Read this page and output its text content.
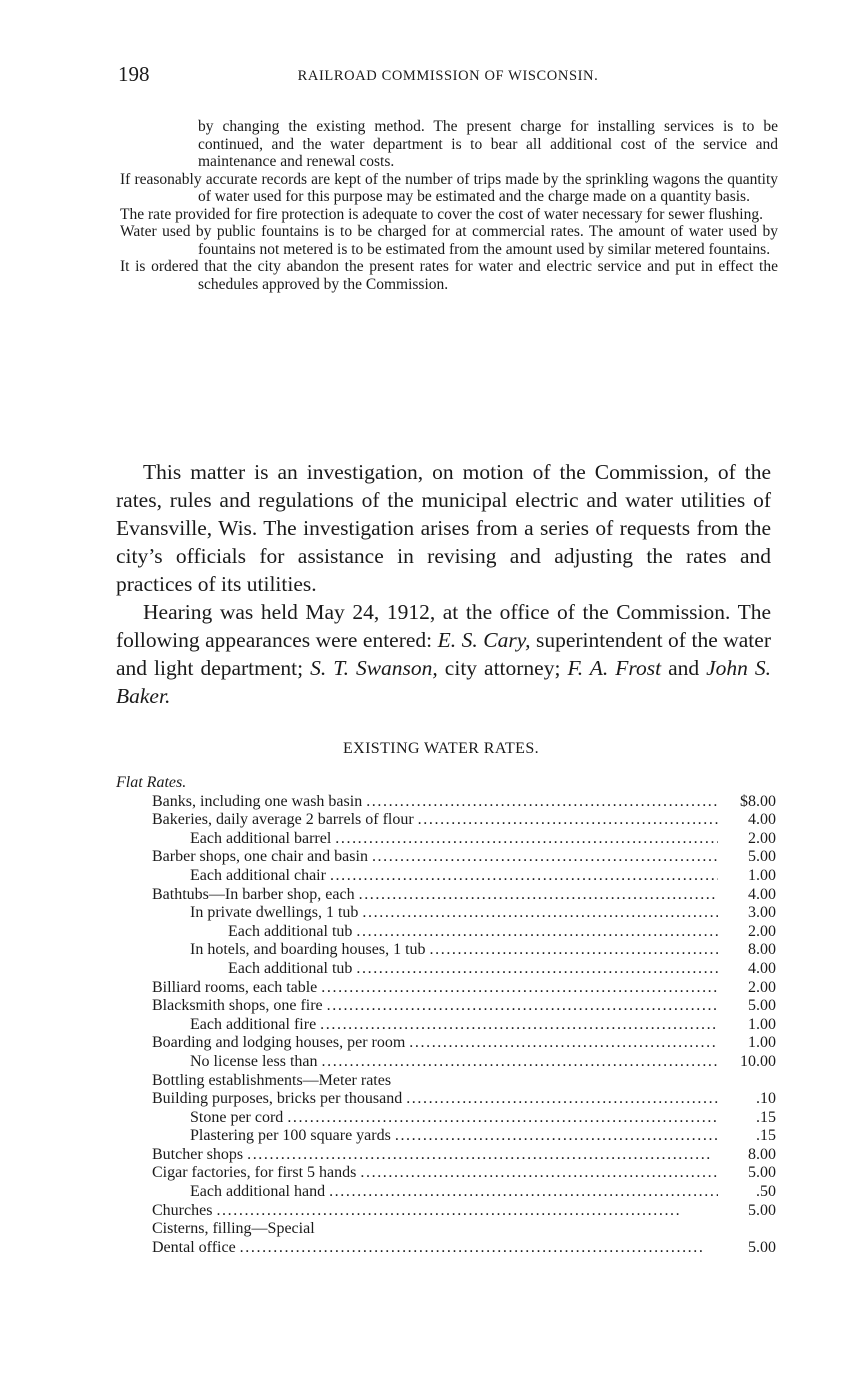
198	RAILROAD COMMISSION OF WISCONSIN.

by changing the existing method. The present charge for installing services is to be continued, and the water department is to bear all additional cost of the service and maintenance and renewal costs.

If reasonably accurate records are kept of the number of trips made by the sprinkling wagons the quantity of water used for this purpose may be estimated and the charge made on a quantity basis.

The rate provided for fire protection is adequate to cover the cost of water necessary for sewer flushing.

Water used by public fountains is to be charged for at commercial rates. The amount of water used by fountains not metered is to be estimated from the amount used by similar metered fountains.

It is ordered that the city abandon the present rates for water and electric service and put in effect the schedules approved by the Commission.

This matter is an investigation, on motion of the Commission, of the rates, rules and regulations of the municipal electric and water utilities of Evansville, Wis. The investigation arises from a series of requests from the city’s officials for assistance in revising and adjusting the rates and practices of its utilities.

Hearing was held May 24, 1912, at the office of the Commission. The following appearances were entered: E. S. Cary, superintendent of the water and light department; S. T. Swanson, city attorney; F. A. Frost and John S. Baker.

EXISTING WATER RATES.
Flat Rates.
Banks, including one wash basin . . .	$8.00
Bakeries, daily average 2 barrels of flour . . .	4.00
Each additional barrel . . .	2.00
Barber shops, one chair and basin . . .	5.00
Each additional chair . . .	1.00
Bathtubs—In barber shop, each . . .	4.00
In private dwellings, 1 tub . . .	3.00
Each additional tub . . .	2.00
In hotels, and boarding houses, 1 tub . . .	8.00
Each additional tub . . .	4.00
Billiard rooms, each table . . .	2.00
Blacksmith shops, one fire . . .	5.00
Each additional fire . . .	1.00
Boarding and lodging houses, per room . . .	1.00
No license less than . . .	10.00
Bottling establishments—Meter rates
Building purposes, bricks per thousand . . .	.10
Stone per cord . . .	.15
Plastering per 100 square yards . . .	.15
Butcher shops . . .	8.00
Cigar factories, for first 5 hands . . .	5.00
Each additional hand . . .	.50
Churches . . .	5.00
Cisterns, filling—Special
Dental office . . .	5.00
